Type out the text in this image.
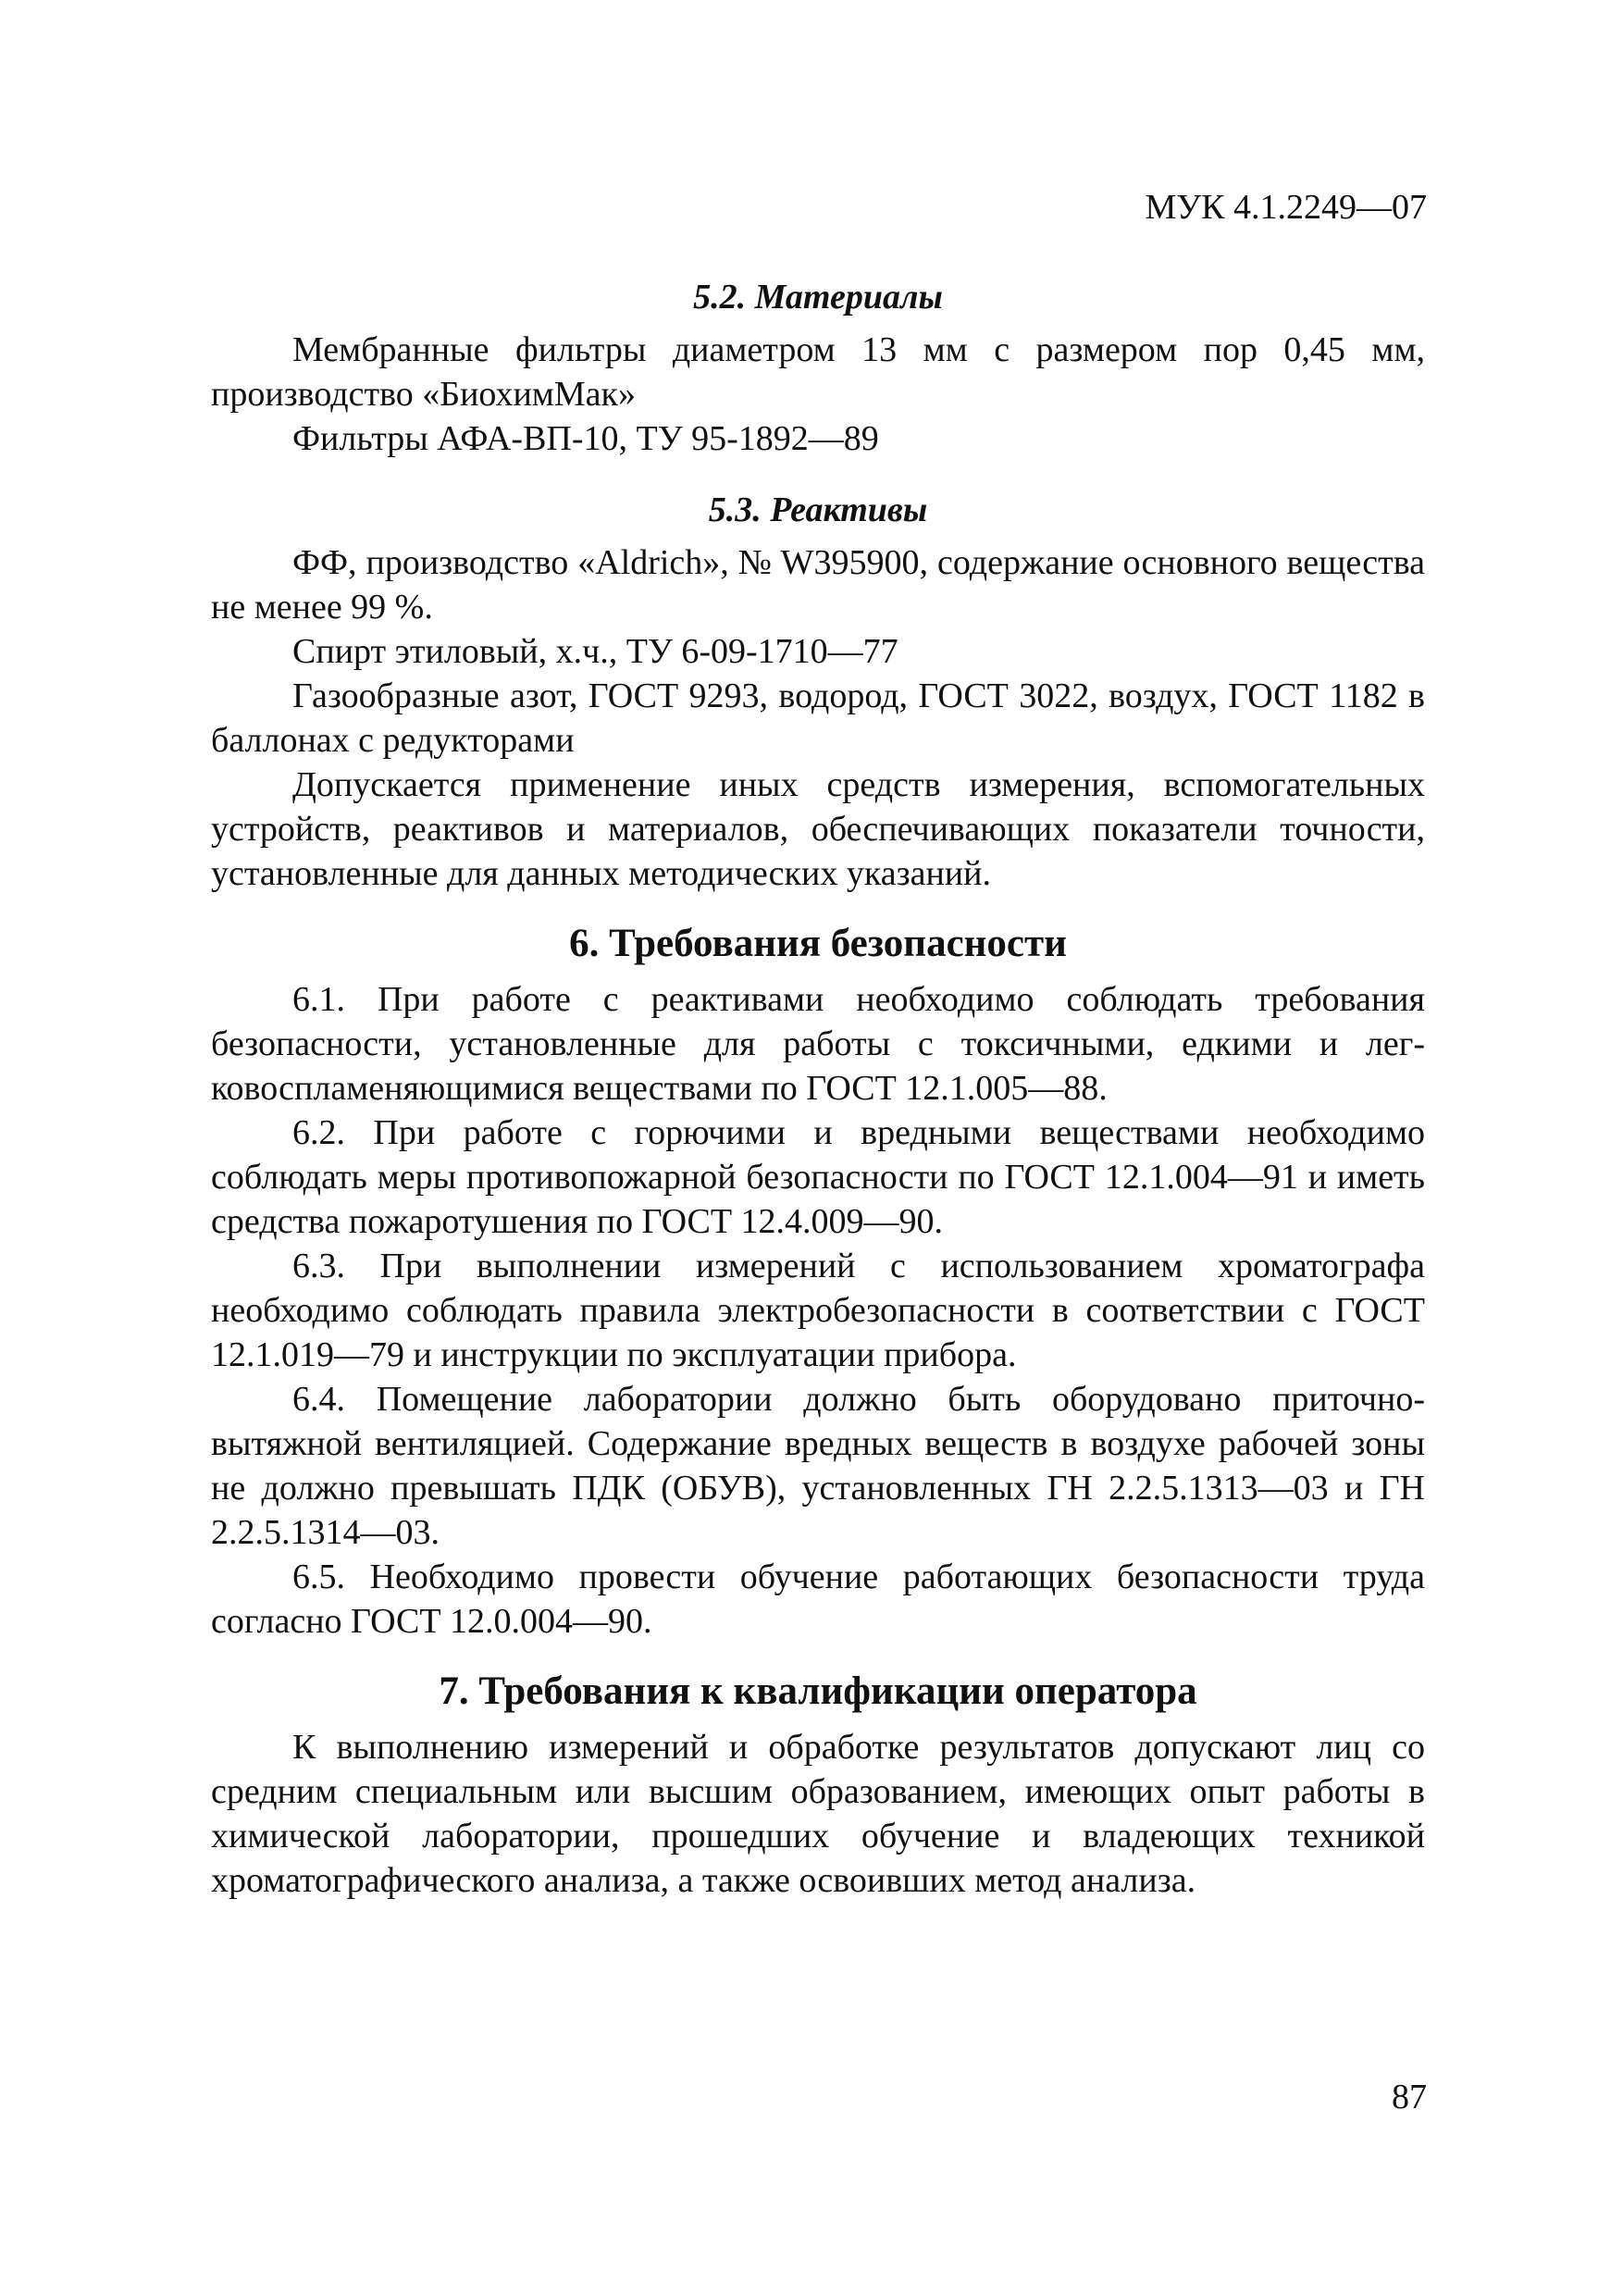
МУК 4.1.2249—07
5.2. Материалы

Мембранные фильтры диаметром 13 мм с размером пор 0,45 мм, производство «БиохимМак»

Фильтры АФА-ВП-10, ТУ 95-1892—89

5.3. Реактивы

ФФ, производство «Aldrich», № W395900, содержание основного вещества не менее 99 %.

Спирт этиловый, х.ч., ТУ 6-09-1710—77

Газообразные азот, ГОСТ 9293, водород, ГОСТ 3022, воздух, ГОСТ 1182 в баллонах с редукторами

Допускается применение иных средств измерения, вспомогательных устройств, реактивов и материалов, обеспечивающих показатели точности, установленные для данных методических указаний.

6. Требования безопасности

6.1. При работе с реактивами необходимо соблюдать требования безопасности, установленные для работы с токсичными, едкими и легковоспламеняющимися веществами по ГОСТ 12.1.005—88.

6.2. При работе с горючими и вредными веществами необходимо соблюдать меры противопожарной безопасности по ГОСТ 12.1.004—91 и иметь средства пожаротушения по ГОСТ 12.4.009—90.

6.3. При выполнении измерений с использованием хроматографа необходимо соблюдать правила электробезопасности в соответствии с ГОСТ 12.1.019—79 и инструкции по эксплуатации прибора.

6.4. Помещение лаборатории должно быть оборудовано приточно-вытяжной вентиляцией. Содержание вредных веществ в воздухе рабочей зоны не должно превышать ПДК (ОБУВ), установленных ГН 2.2.5.1313—03 и ГН 2.2.5.1314—03.

6.5. Необходимо провести обучение работающих безопасности труда согласно ГОСТ 12.0.004—90.

7. Требования к квалификации оператора

К выполнению измерений и обработке результатов допускают лиц со средним специальным или высшим образованием, имеющих опыт работы в химической лаборатории, прошедших обучение и владеющих техникой хроматографического анализа, а также освоивших метод анализа.

87
